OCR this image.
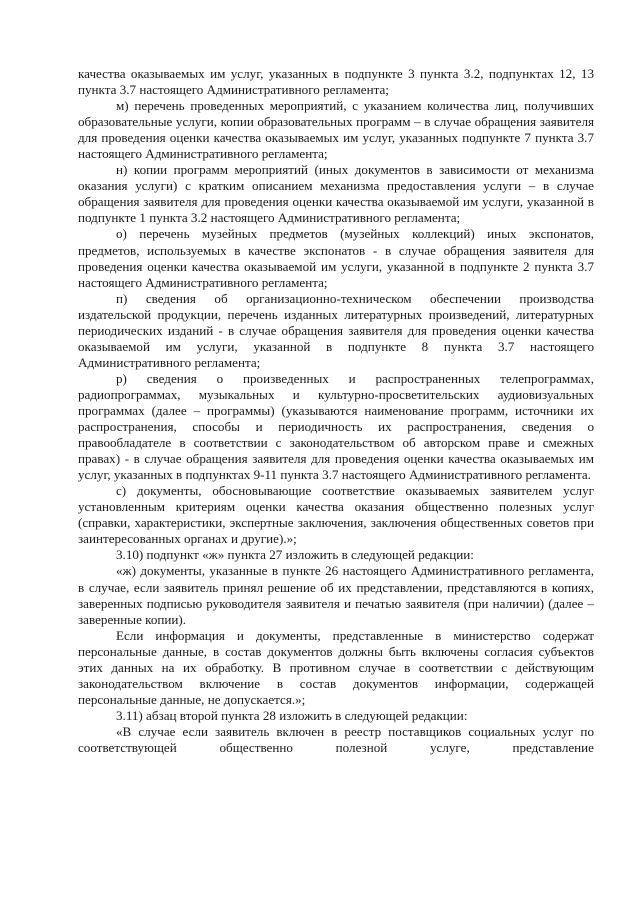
качества оказываемых им услуг, указанных в подпункте 3 пункта 3.2, подпунктах 12, 13 пункта 3.7 настоящего Административного регламента;

м) перечень проведенных мероприятий, с указанием количества лиц, получивших образовательные услуги, копии образовательных программ – в случае обращения заявителя для проведения оценки качества оказываемых им услуг, указанных подпункте 7 пункта 3.7 настоящего Административного регламента;

н) копии программ мероприятий (иных документов в зависимости от механизма оказания услуги) с кратким описанием механизма предоставления услуги – в случае обращения заявителя для проведения оценки качества оказываемой им услуги, указанной в подпункте 1 пункта 3.2 настоящего Административного регламента;

о) перечень музейных предметов (музейных коллекций) иных экспонатов, предметов, используемых в качестве экспонатов - в случае обращения заявителя для проведения оценки качества оказываемой им услуги, указанной в подпункте 2 пункта 3.7 настоящего Административного регламента;

п) сведения об организационно-техническом обеспечении производства издательской продукции, перечень изданных литературных произведений, литературных периодических изданий - в случае обращения заявителя для проведения оценки качества оказываемой им услуги, указанной в подпункте 8 пункта 3.7 настоящего Административного регламента;

р) сведения о произведенных и распространенных телепрограммах, радиопрограммах, музыкальных и культурно-просветительских аудиовизуальных программах (далее – программы) (указываются наименование программ, источники их распространения, способы и периодичность их распространения, сведения о правообладателе в соответствии с законодательством об авторском праве и смежных правах) - в случае обращения заявителя для проведения оценки качества оказываемых им услуг, указанных в подпунктах 9-11 пункта 3.7 настоящего Административного регламента.

с) документы, обосновывающие соответствие оказываемых заявителем услуг установленным критериям оценки качества оказания общественно полезных услуг (справки, характеристики, экспертные заключения, заключения общественных советов при заинтересованных органах и другие).»;

3.10) подпункт «ж» пункта 27 изложить в следующей редакции:

«ж) документы, указанные в пункте 26 настоящего Административного регламента, в случае, если заявитель принял решение об их представлении, представляются в копиях, заверенных подписью руководителя заявителя и печатью заявителя (при наличии) (далее – заверенные копии).

Если информация и документы, представленные в министерство содержат персональные данные, в состав документов должны быть включены согласия субъектов этих данных на их обработку. В противном случае в соответствии с действующим законодательством включение в состав документов информации, содержащей персональные данные, не допускается.»;

3.11) абзац второй пункта 28 изложить в следующей редакции:

«В случае если заявитель включен в реестр поставщиков социальных услуг по соответствующей общественно полезной услуге, представление
